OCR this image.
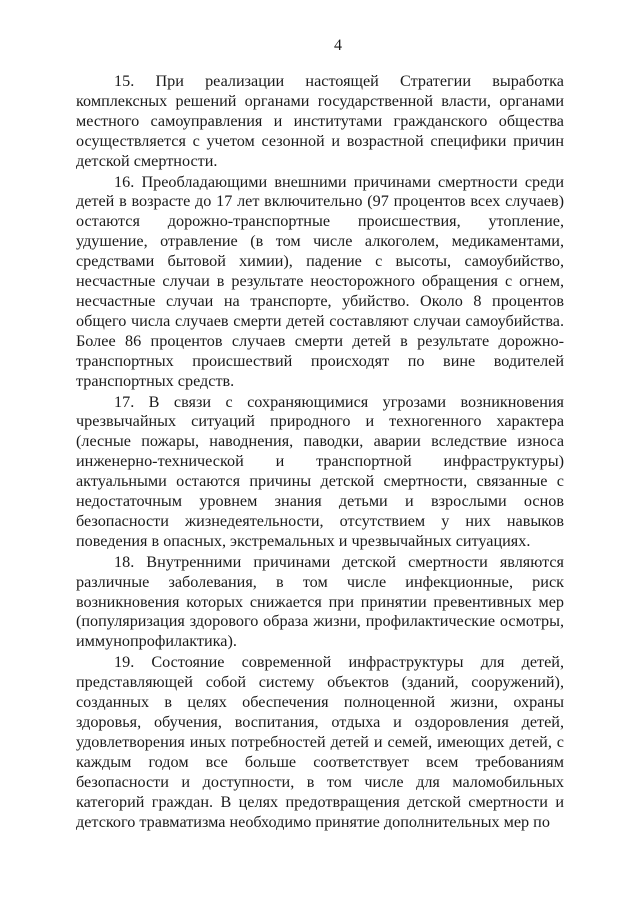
4

15. При реализации настоящей Стратегии выработка комплексных решений органами государственной власти, органами местного самоуправления и институтами гражданского общества осуществляется с учетом сезонной и возрастной специфики причин детской смертности.

16. Преобладающими внешними причинами смертности среди детей в возрасте до 17 лет включительно (97 процентов всех случаев) остаются дорожно-транспортные происшествия, утопление, удушение, отравление (в том числе алкоголем, медикаментами, средствами бытовой химии), падение с высоты, самоубийство, несчастные случаи в результате неосторожного обращения с огнем, несчастные случаи на транспорте, убийство. Около 8 процентов общего числа случаев смерти детей составляют случаи самоубийства. Более 86 процентов случаев смерти детей в результате дорожно-транспортных происшествий происходят по вине водителей транспортных средств.

17. В связи с сохраняющимися угрозами возникновения чрезвычайных ситуаций природного и техногенного характера (лесные пожары, наводнения, паводки, аварии вследствие износа инженерно-технической и транспортной инфраструктуры) актуальными остаются причины детской смертности, связанные с недостаточным уровнем знания детьми и взрослыми основ безопасности жизнедеятельности, отсутствием у них навыков поведения в опасных, экстремальных и чрезвычайных ситуациях.

18. Внутренними причинами детской смертности являются различные заболевания, в том числе инфекционные, риск возникновения которых снижается при принятии превентивных мер (популяризация здорового образа жизни, профилактические осмотры, иммунопрофилактика).

19. Состояние современной инфраструктуры для детей, представляющей собой систему объектов (зданий, сооружений), созданных в целях обеспечения полноценной жизни, охраны здоровья, обучения, воспитания, отдыха и оздоровления детей, удовлетворения иных потребностей детей и семей, имеющих детей, с каждым годом все больше соответствует всем требованиям безопасности и доступности, в том числе для маломобильных категорий граждан. В целях предотвращения детской смертности и детского травматизма необходимо принятие дополнительных мер по
